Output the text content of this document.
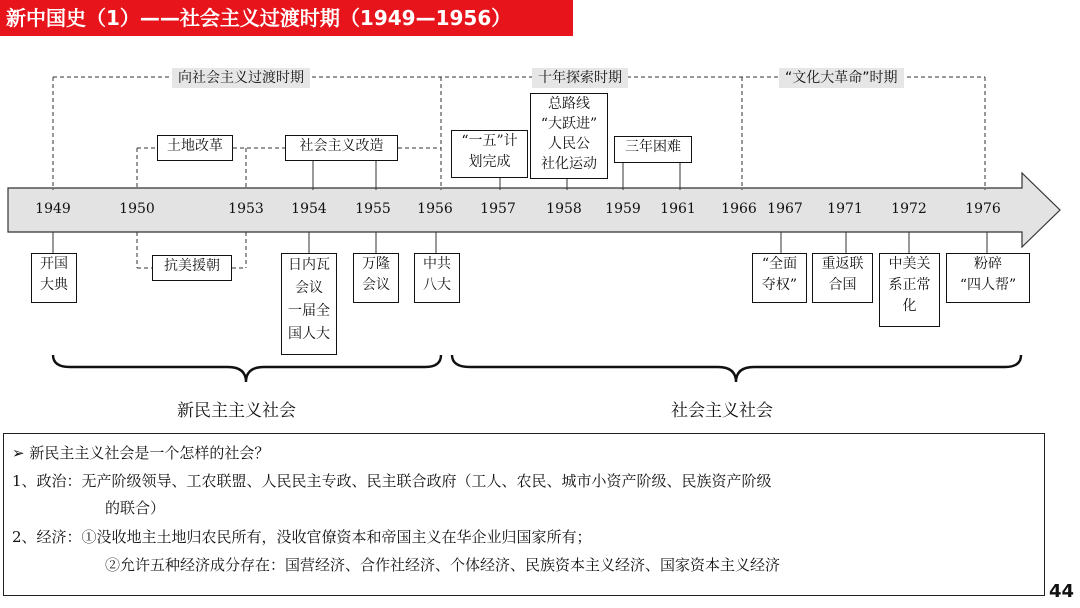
新中国史（1）——社会主义过渡时期（1949—1956）
向社会主义过渡时期	十年探索时期	“文化大革命”时期
1949	1950	1953	1954	1955	1956	1957	1958	1959	1961	1966 1967	1971	1972	1976
土地改革	社会主义改造	“一五”计
划完成
总路线
“大跃进”
人民公
社化运动
三年困难
开国
大典
抗美援朝	日内瓦
会议
一届全
国人大
万隆
会议
中共
八大
“全面
夺权”
重返联
合国
中美关
系正常
化
粉碎
“四人帮”
新民主主义社会	社会主义社会
➢ 新民主主义社会是一个怎样的社会？
1、政治：无产阶级领导、工农联盟、人民民主专政、民主联合政府（工人、农民、城市小资产阶级、民族资产阶级
的联合）
2、经济：①没收地主土地归农民所有，没收官僚资本和帝国主义在华企业归国家所有；
②允许五种经济成分存在：国营经济、合作社经济、个体经济、民族资本主义经济、国家资本主义经济
44
